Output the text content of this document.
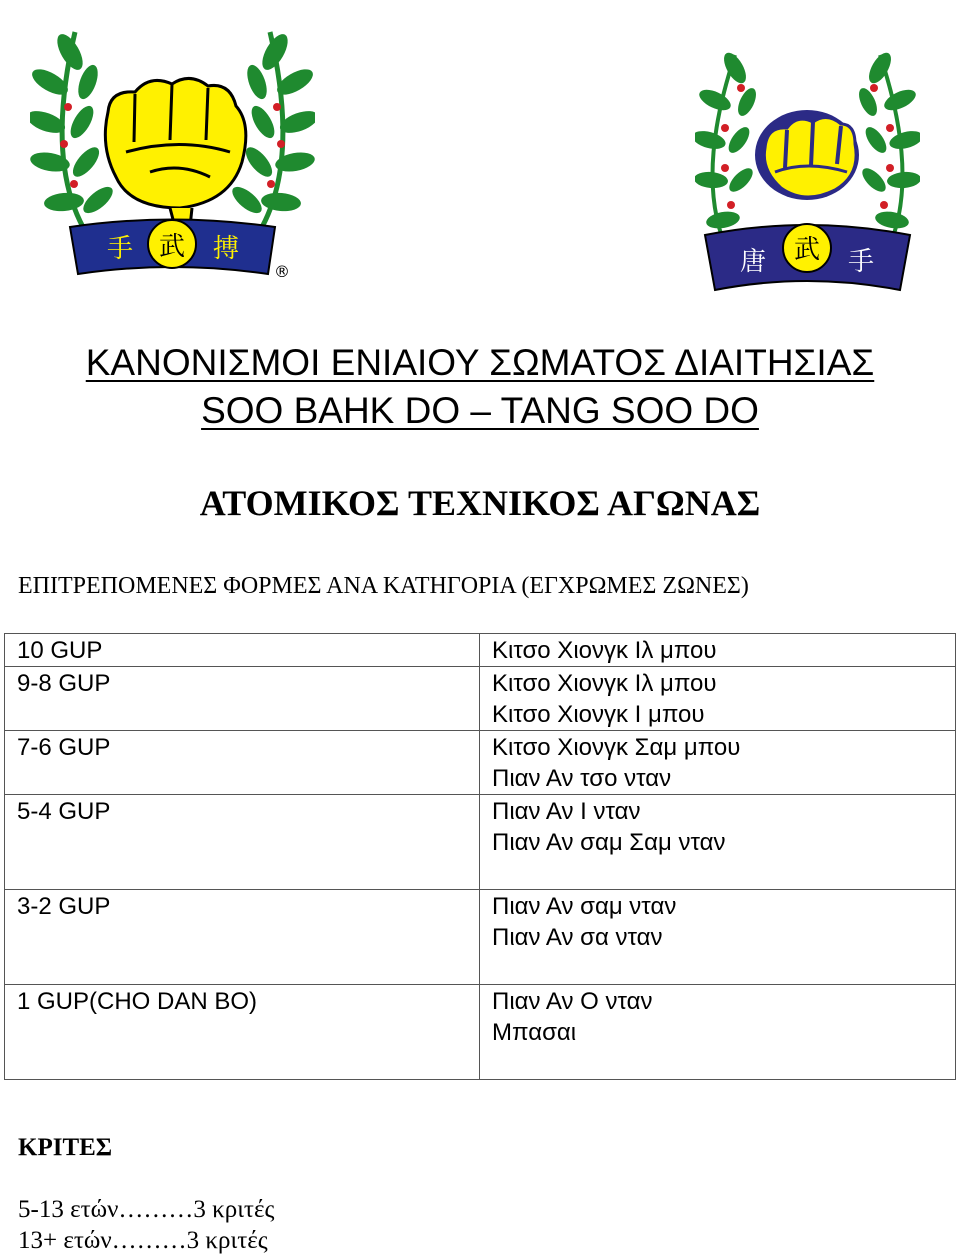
手 武 搏
®	唐 武 手
ΚΑΝΟΝΙΣΜΟΙ ΕΝΙΑΙΟΥ ΣΩΜΑΤΟΣ ΔΙΑΙΤΗΣΙΑΣ
SOO BAHK DO – TANG SOO DO
ΑΤΟΜΙΚΟΣ ΤΕΧΝΙΚΟΣ ΑΓΩΝΑΣ
ΕΠΙΤΡΕΠΟΜΕΝΕΣ ΦΟΡΜΕΣ ΑΝΑ ΚΑΤΗΓΟΡΙΑ (ΕΓΧΡΩΜΕΣ ΖΩΝΕΣ)
10 GUP	Κιτσο Χιονγκ Ιλ μπου

9-8 GUP	Κιτσο Χιονγκ Ιλ μπου
Κιτσο Χιονγκ Ι μπου

7-6 GUP	Κιτσο Χιονγκ Σαμ μπου
Πιαν Αν τσο νταν

5-4 GUP	Πιαν Αν Ι νταν
Πιαν Αν σαμ Σαμ νταν

3-2 GUP	Πιαν Αν σαμ νταν
Πιαν Αν σα νταν

1 GUP(CHO DAN BO)	Πιαν Αν Ο νταν
Μπασαι

ΚΡΙΤΕΣ
5-13 ετών………3 κριτές
13+ ετών………3 κριτές
